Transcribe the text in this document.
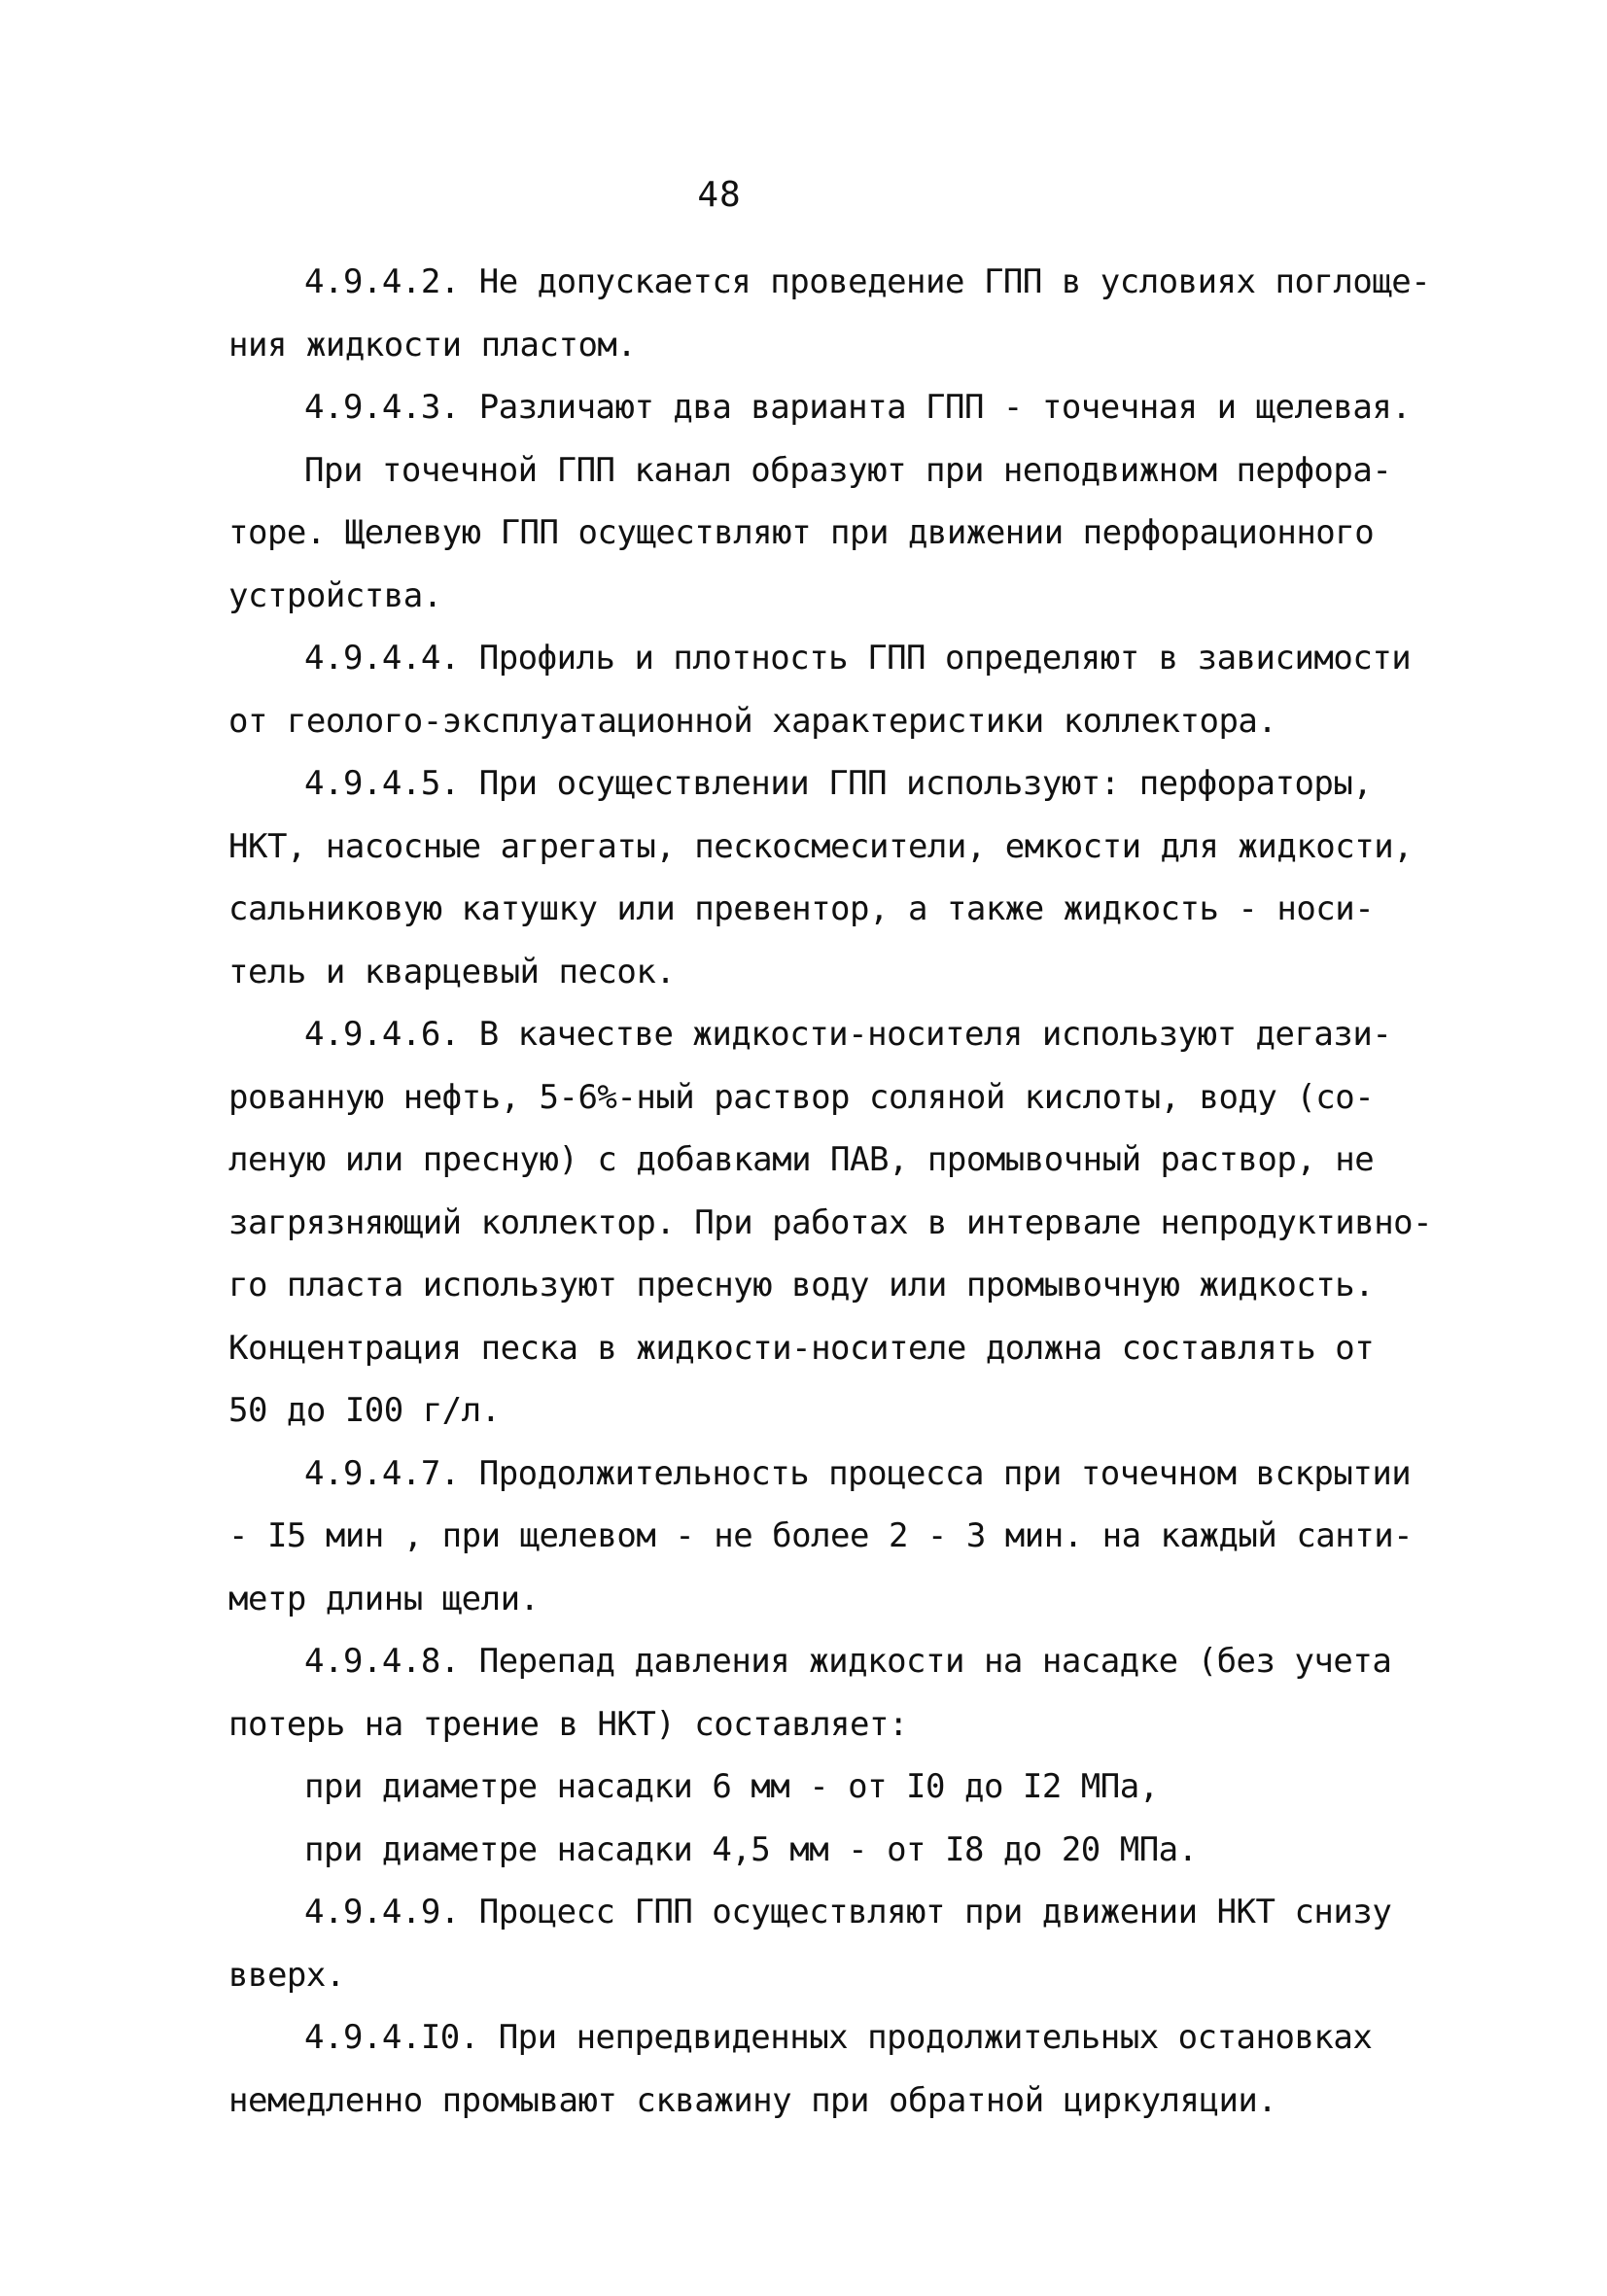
48
4.9.4.2. Не допускается проведение ГПП в условиях поглоще-
ния жидкости пластом.
4.9.4.3. Различают два варианта ГПП - точечная и щелевая.
При точечной ГПП канал образуют при неподвижном перфора-
торе. Щелевую ГПП осуществляют при движении перфорационного
устройства.
4.9.4.4. Профиль и плотность ГПП определяют в зависимости
от геолого-эксплуатационной характеристики коллектора.
4.9.4.5. При осуществлении ГПП используют: перфораторы,
НКТ, насосные агрегаты, пескосмесители, емкости для жидкости,
сальниковую катушку или превентор, а также жидкость - носи-
тель и кварцевый песок.
4.9.4.6. В качестве жидкости-носителя используют дегази-
рованную нефть, 5-6%-ный раствор соляной кислоты, воду (со-
леную или пресную) с добавками ПАВ, промывочный раствор, не
загрязняющий коллектор. При работах в интервале непродуктивно-
го пласта используют пресную воду или промывочную жидкость.
Концентрация песка в жидкости-носителе должна составлять от
50 до I00 г/л.
4.9.4.7. Продолжительность процесса при точечном вскрытии
- I5 мин , при щелевом - не более 2 - 3 мин. на каждый санти-
метр длины щели.
4.9.4.8. Перепад давления жидкости на насадке (без учета
потерь на трение в НКТ) составляет:
при диаметре насадки 6 мм - от I0 до I2 МПа,
при диаметре насадки 4,5 мм - от I8 до 20 МПа.
4.9.4.9. Процесс ГПП осуществляют при движении НКТ снизу
вверх.
4.9.4.I0. При непредвиденных продолжительных остановках
немедленно промывают скважину при обратной циркуляции.
